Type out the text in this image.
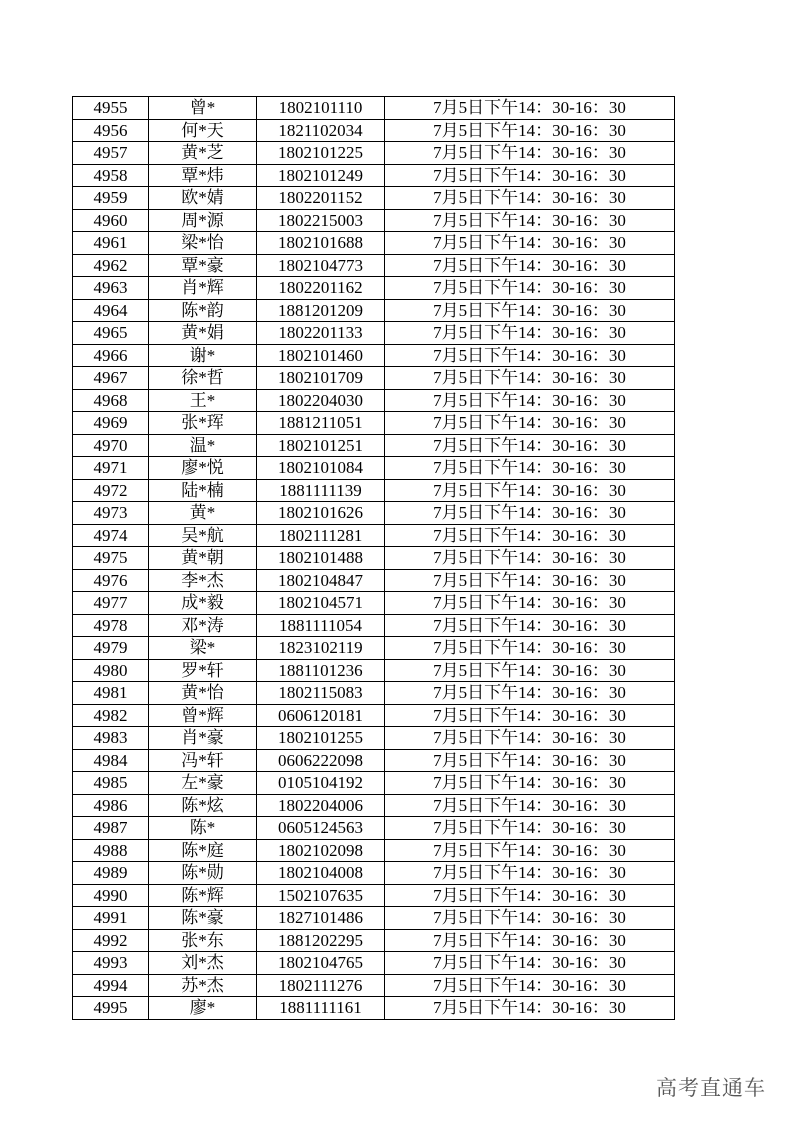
4955	曾*	1802101110	7月5日下午14：30-16：30
4956	何*天	1821102034	7月5日下午14：30-16：30
4957	黄*芝	1802101225	7月5日下午14：30-16：30
4958	覃*炜	1802101249	7月5日下午14：30-16：30
4959	欧*婧	1802201152	7月5日下午14：30-16：30
4960	周*源	1802215003	7月5日下午14：30-16：30
4961	梁*怡	1802101688	7月5日下午14：30-16：30
4962	覃*豪	1802104773	7月5日下午14：30-16：30
4963	肖*辉	1802201162	7月5日下午14：30-16：30
4964	陈*韵	1881201209	7月5日下午14：30-16：30
4965	黄*娟	1802201133	7月5日下午14：30-16：30
4966	谢*	1802101460	7月5日下午14：30-16：30
4967	徐*哲	1802101709	7月5日下午14：30-16：30
4968	王*	1802204030	7月5日下午14：30-16：30
4969	张*珲	1881211051	7月5日下午14：30-16：30
4970	温*	1802101251	7月5日下午14：30-16：30
4971	廖*悦	1802101084	7月5日下午14：30-16：30
4972	陆*楠	1881111139	7月5日下午14：30-16：30
4973	黄*	1802101626	7月5日下午14：30-16：30
4974	吴*航	1802111281	7月5日下午14：30-16：30
4975	黄*朝	1802101488	7月5日下午14：30-16：30
4976	李*杰	1802104847	7月5日下午14：30-16：30
4977	成*毅	1802104571	7月5日下午14：30-16：30
4978	邓*涛	1881111054	7月5日下午14：30-16：30
4979	梁*	1823102119	7月5日下午14：30-16：30
4980	罗*轩	1881101236	7月5日下午14：30-16：30
4981	黄*怡	1802115083	7月5日下午14：30-16：30
4982	曾*辉	0606120181	7月5日下午14：30-16：30
4983	肖*豪	1802101255	7月5日下午14：30-16：30
4984	冯*轩	0606222098	7月5日下午14：30-16：30
4985	左*豪	0105104192	7月5日下午14：30-16：30
4986	陈*炫	1802204006	7月5日下午14：30-16：30
4987	陈*	0605124563	7月5日下午14：30-16：30
4988	陈*庭	1802102098	7月5日下午14：30-16：30
4989	陈*勋	1802104008	7月5日下午14：30-16：30
4990	陈*辉	1502107635	7月5日下午14：30-16：30
4991	陈*豪	1827101486	7月5日下午14：30-16：30
4992	张*东	1881202295	7月5日下午14：30-16：30
4993	刘*杰	1802104765	7月5日下午14：30-16：30
4994	苏*杰	1802111276	7月5日下午14：30-16：30
4995	廖*	1881111161	7月5日下午14：30-16：30
高考直通车
